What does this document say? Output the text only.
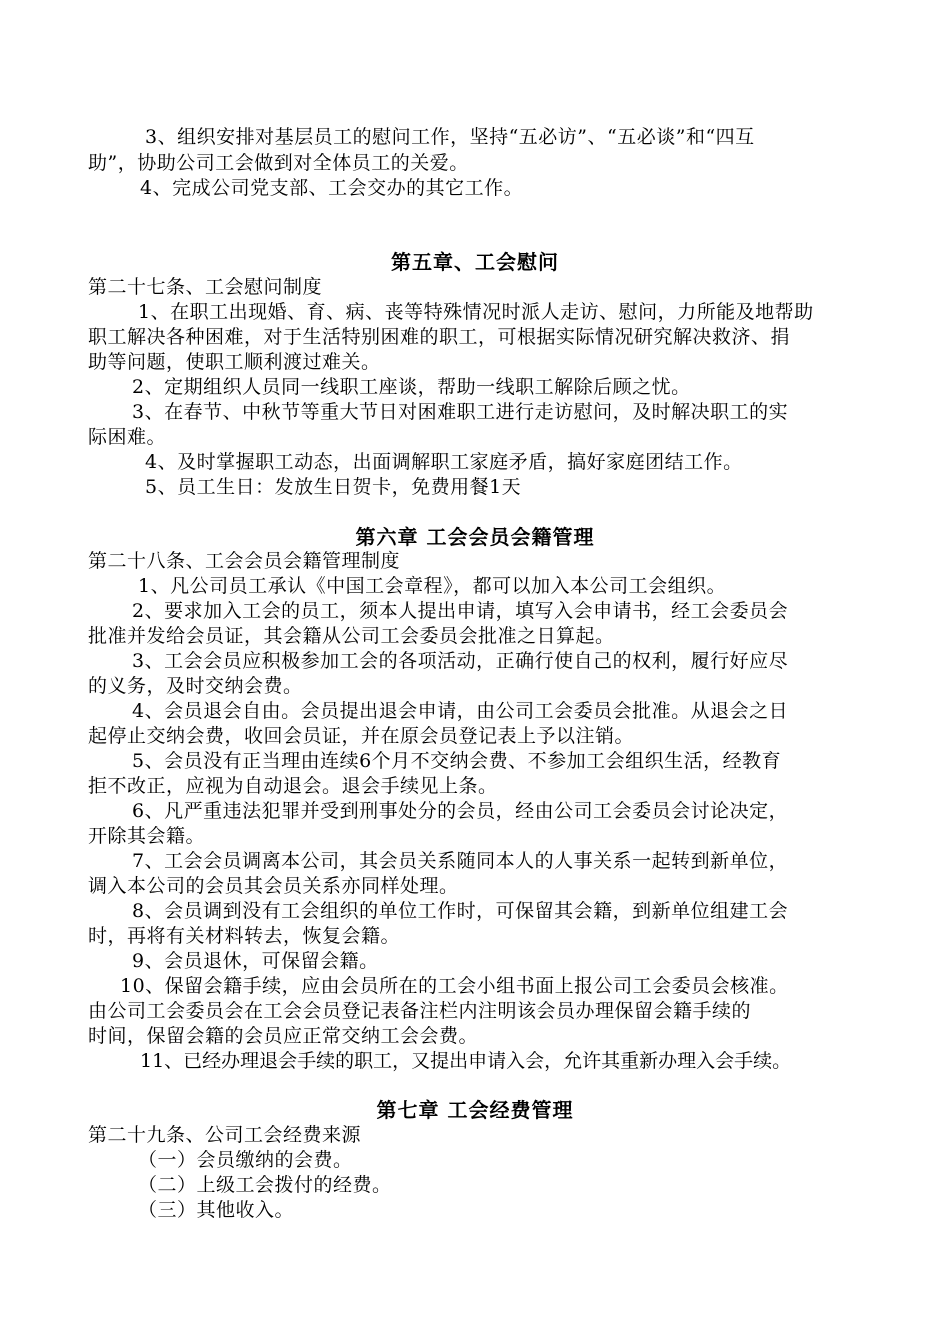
3、组织安排对基层员工的慰问工作，坚持“五必访”、“五必谈”和“四互
助”，协助公司工会做到对全体员工的关爱。
4、完成公司党支部、工会交办的其它工作。
第五章、工会慰问
第二十七条、工会慰问制度
1、在职工出现婚、育、病、丧等特殊情况时派人走访、慰问，力所能及地帮助
职工解决各种困难，对于生活特别困难的职工，可根据实际情况研究解决救济、捐
助等问题，使职工顺利渡过难关。
2、定期组织人员同一线职工座谈，帮助一线职工解除后顾之忧。
3、在春节、中秋节等重大节日对困难职工进行走访慰问，及时解决职工的实
际困难。
4、及时掌握职工动态，出面调解职工家庭矛盾，搞好家庭团结工作。
5、员工生日：发放生日贺卡，免费用餐1天
第六章 工会会员会籍管理
第二十八条、工会会员会籍管理制度
1、凡公司员工承认《中国工会章程》，都可以加入本公司工会组织。
2、要求加入工会的员工，须本人提出申请，填写入会申请书，经工会委员会
批准并发给会员证，其会籍从公司工会委员会批准之日算起。
3、工会会员应积极参加工会的各项活动，正确行使自己的权利，履行好应尽
的义务，及时交纳会费。
4、会员退会自由。会员提出退会申请，由公司工会委员会批准。从退会之日
起停止交纳会费，收回会员证，并在原会员登记表上予以注销。
5、会员没有正当理由连续6个月不交纳会费、不参加工会组织生活，经教育
拒不改正，应视为自动退会。退会手续见上条。
6、凡严重违法犯罪并受到刑事处分的会员，经由公司工会委员会讨论决定，
开除其会籍。
7、工会会员调离本公司，其会员关系随同本人的人事关系一起转到新单位，
调入本公司的会员其会员关系亦同样处理。
8、会员调到没有工会组织的单位工作时，可保留其会籍，到新单位组建工会
时，再将有关材料转去，恢复会籍。
9、会员退休，可保留会籍。
10、保留会籍手续，应由会员所在的工会小组书面上报公司工会委员会核准。
由公司工会委员会在工会会员登记表备注栏内注明该会员办理保留会籍手续的
时间，保留会籍的会员应正常交纳工会会费。
11、已经办理退会手续的职工，又提出申请入会，允许其重新办理入会手续。
第七章 工会经费管理
第二十九条、公司工会经费来源
（一）会员缴纳的会费。
（二）上级工会拨付的经费。
（三）其他收入。
